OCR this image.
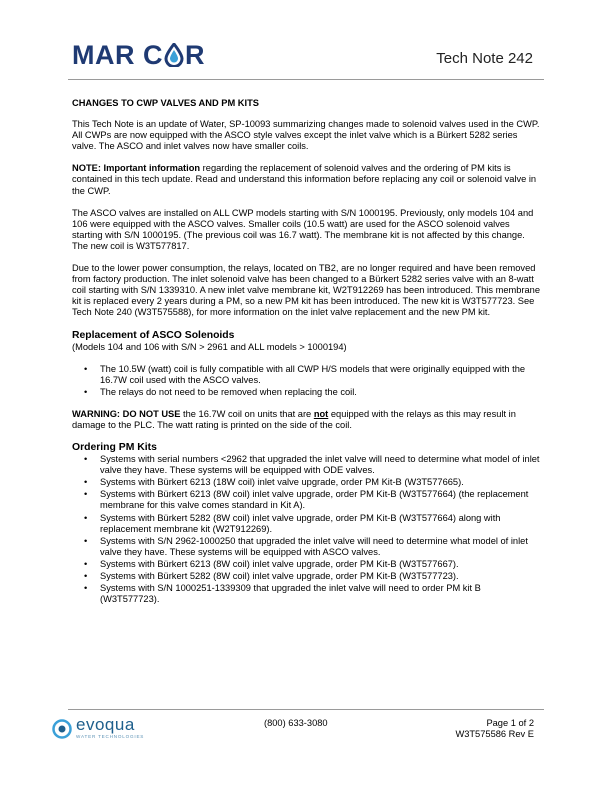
MAR C R	Tech Note 242
CHANGES TO CWP VALVES AND PM KITS

This Tech Note is an update of Water, SP-10093 summarizing changes made to solenoid valves used in the CWP. All CWPs are now equipped with the ASCO style valves except the inlet valve which is a Bürkert 5282 series valve. The ASCO and inlet valves now have smaller coils.

NOTE: Important information regarding the replacement of solenoid valves and the ordering of PM kits is contained in this tech update. Read and understand this information before replacing any coil or solenoid valve in the CWP.

The ASCO valves are installed on ALL CWP models starting with S/N 1000195. Previously, only models 104 and 106 were equipped with the ASCO valves. Smaller coils (10.5 watt) are used for the ASCO solenoid valves starting with S/N 1000195. (The previous coil was 16.7 watt). The membrane kit is not affected by this change. The new coil is W3T577817.

Due to the lower power consumption, the relays, located on TB2, are no longer required and have been removed from factory production. The inlet solenoid valve has been changed to a Bürkert 5282 series valve with an 8-watt coil starting with S/N 1339310. A new inlet valve membrane kit, W2T912269 has been introduced. This membrane kit is replaced every 2 years during a PM, so a new PM kit has been introduced. The new kit is W3T577723. See Tech Note 240 (W3T575588), for more information on the inlet valve replacement and the new PM kit.

Replacement of ASCO Solenoids

(Models 104 and 106 with S/N > 2961 and ALL models > 1000194)

• The 10.5W (watt) coil is fully compatible with all CWP H/S models that were originally equipped with the 16.7W coil used with the ASCO valves.
• The relays do not need to be removed when replacing the coil.

WARNING: DO NOT USE the 16.7W coil on units that are not equipped with the relays as this may result in damage to the PLC. The watt rating is printed on the side of the coil.

Ordering PM Kits
• Systems with serial numbers <2962 that upgraded the inlet valve will need to determine what model of inlet valve they have. These systems will be equipped with ODE valves.
• Systems with Bürkert 6213 (18W coil) inlet valve upgrade, order PM Kit-B (W3T577665).
• Systems with Bürkert 6213 (8W coil) inlet valve upgrade, order PM Kit-B (W3T577664) (the replacement membrane for this valve comes standard in Kit A).
• Systems with Bürkert 5282 (8W coil) inlet valve upgrade, order PM Kit-B (W3T577664) along with replacement membrane kit (W2T912269).
• Systems with S/N 2962-1000250 that upgraded the inlet valve will need to determine what model of inlet valve they have. These systems will be equipped with ASCO valves.
• Systems with Bürkert 6213 (8W coil) inlet valve upgrade, order PM Kit-B (W3T577667).
• Systems with Bürkert 5282 (8W coil) inlet valve upgrade, order PM Kit-B (W3T577723).
• Systems with S/N 1000251-1339309 that upgraded the inlet valve will need to order PM kit B (W3T577723).
evoqua
WATER TECHNOLOGIES
(800) 633-3080	Page 1 of 2
W3T575586 Rev E
